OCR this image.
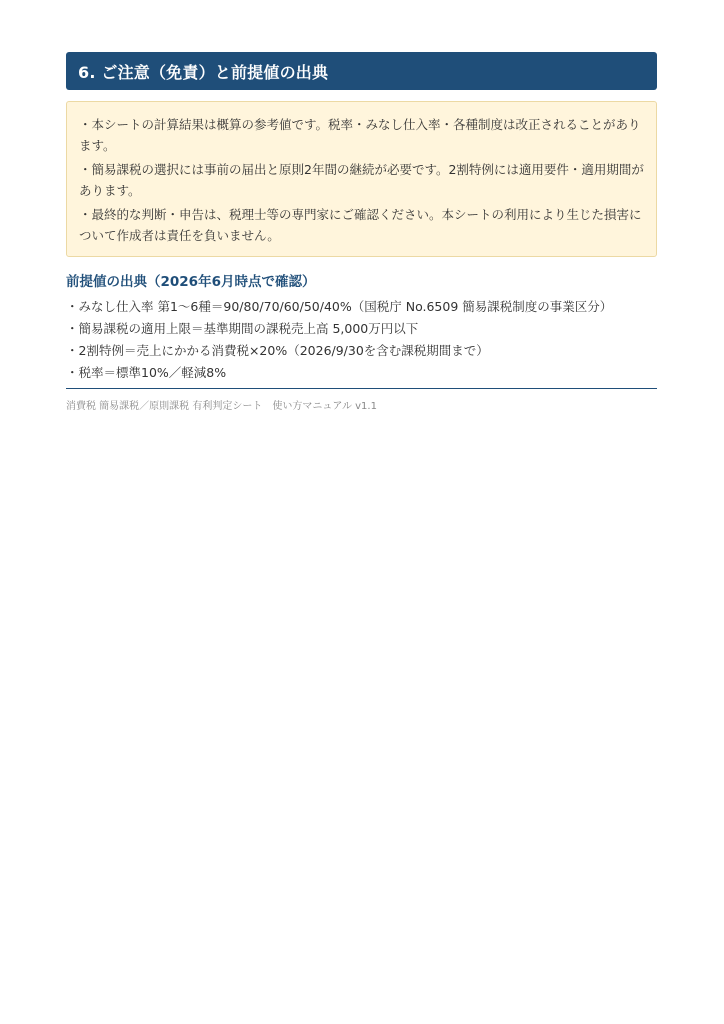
6. ご注意（免責）と前提値の出典
・本シートの計算結果は概算の参考値です。税率・みなし仕入率・各種制度は改正されることがあります。
・簡易課税の選択には事前の届出と原則2年間の継続が必要です。2割特例には適用要件・適用期間があります。
・最終的な判断・申告は、税理士等の専門家にご確認ください。本シートの利用により生じた損害について作成者は責任を負いません。
前提値の出典（2026年6月時点で確認）
・みなし仕入率 第1〜6種＝90/80/70/60/50/40%（国税庁 No.6509 簡易課税制度の事業区分）
・簡易課税の適用上限＝基準期間の課税売上高 5,000万円以下
・2割特例＝売上にかかる消費税×20%（2026/9/30を含む課税期間まで）
・税率＝標準10%／軽減8%
消費税 簡易課税／原則課税 有利判定シート　使い方マニュアル v1.1
